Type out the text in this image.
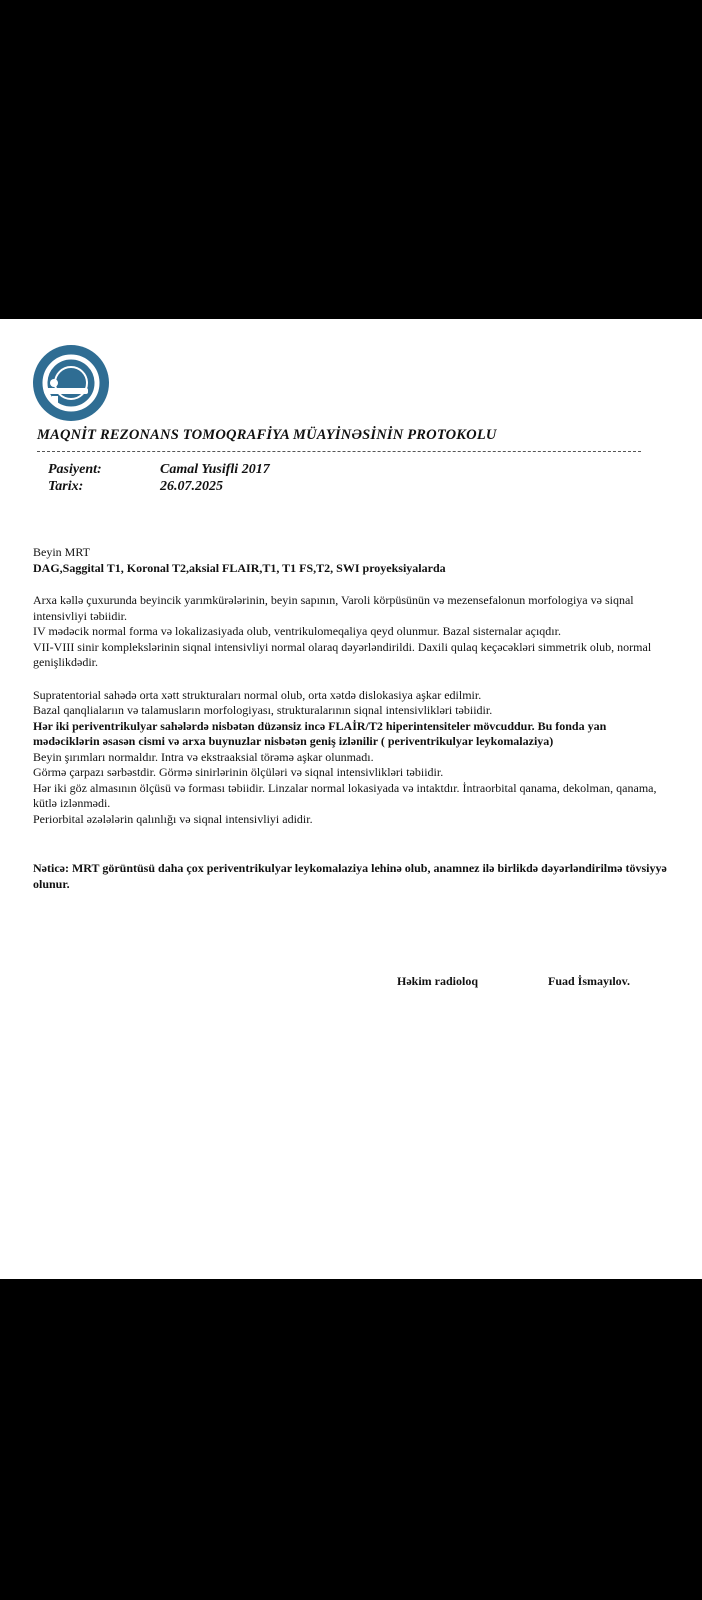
MAQNİT REZONANS TOMOQRAFİYA MÜAYİNƏSİNİN PROTOKOLU
Pasiyent:	Camal Yusifli 2017
Tarix:	26.07.2025

Beyin MRT

DAG,Saggital T1, Koronal T2,aksial FLAIR,T1, T1 FS,T2, SWI proyeksiyalarda

Arxa kəllə çuxurunda beyincik yarımkürələrinin, beyin sapının, Varoli körpüsünün və mezensefalonun morfologiya və siqnal intensivliyi təbiidir.

IV mədəcik normal forma və lokalizasiyada olub, ventrikulomeqaliya qeyd olunmur. Bazal sisternalar açıqdır.

VII-VIII sinir komplekslərinin siqnal intensivliyi normal olaraq dəyərləndirildi. Daxili qulaq keçəcəkləri simmetrik olub, normal genişlikdədir.

Supratentorial sahədə orta xətt strukturaları normal olub, orta xətdə dislokasiya aşkar edilmir.

Bazal qanqlialarıın və talamusların morfologiyası, strukturalarının siqnal intensivlikləri təbiidir.

Hər iki periventrikulyar sahələrdə nisbətən düzənsiz incə FLAİR/T2 hiperintensiteler mövcuddur. Bu fonda yan mədəciklərin əsasən cismi və arxa buynuzlar nisbətən geniş izlənilir ( periventrikulyar leykomalaziya)

Beyin şırımları normaldır. Intra və ekstraaksial törəmə aşkar olunmadı.

Görmə çarpazı sərbəstdir. Görmə sinirlərinin ölçüləri və siqnal intensivlikləri təbiidir.

Hər iki göz almasının ölçüsü və forması təbiidir. Linzalar normal lokasiyada və intaktdır. İntraorbital qanama, dekolman, qanama, kütlə izlənmədi.

Periorbital əzələlərin qalınlığı və siqnal intensivliyi adidir.

Nəticə: MRT görüntüsü daha çox periventrikulyar leykomalaziya lehinə olub, anamnez ilə birlikdə dəyərləndirilmə tövsiyyə olunur.

Həkim radioloq	Fuad İsmayılov.
